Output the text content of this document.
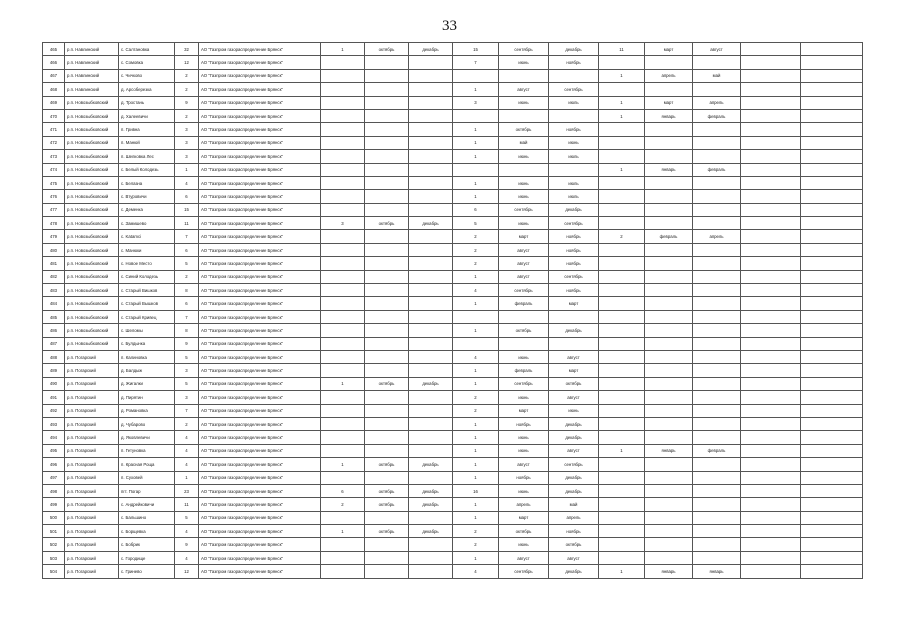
33
465	р.п. Навлинский	с. Салтановка	32	АО "Газпром газораспределение Брянск"	1	октябрь	декабрь	15	сентябрь	декабрь	11	март	август		
466	р.п. Навлинский	с. Сомовка	12	АО "Газпром газораспределение Брянск"				7	июнь	ноябрь					
467	р.п. Навлинский	с. Чичково	2	АО "Газпром газораспределение Брянск"							1	апрель	май		
468	р.п. Навлинский	д. Арсоберезка	2	АО "Газпром газораспределение Брянск"				1	август	сентябрь					
469	р.п. Новозыбковский	д. Тростань	9	АО "Газпром газораспределение Брянск"				3	июнь	июль	1	март	апрель		
470	р.п. Новозыбковский	д. Халеевичи	2	АО "Газпром газораспределение Брянск"							1	январь	февраль		
471	р.п. Новозыбковский	п. Гривна	3	АО "Газпром газораспределение Брянск"				1	октябрь	ноябрь					
472	р.п. Новозыбковский	п. Манюй	3	АО "Газпром газораспределение Брянск"				1	май	июнь					
473	р.п. Новозыбковский	п. Шелковка Лес	3	АО "Газпром газораспределение Брянск"				1	июнь	июль					
474	р.п. Новозыбковский	с. Белый Колодезь	1	АО "Газпром газораспределение Брянск"							1	январь	февраль		
475	р.п. Новозыбковский	с. Белазна	4	АО "Газпром газораспределение Брянск"				1	июнь	июль					
476	р.п. Новозыбковский	с. Втуровичи	6	АО "Газпром газораспределение Брянск"				1	июнь	июль					
477	р.п. Новозыбковский	с. Деменка	15	АО "Газпром газораспределение Брянск"				6	сентябрь	декабрь					
478	р.п. Новозыбковский	с. Замишево	11	АО "Газпром газораспределение Брянск"	3	октябрь	декабрь	5	июнь	сентябрь					
479	р.п. Новозыбковский	с. Katamci	7	АО "Газпром газораспределение Брянск"				2	март	ноябрь	2	февраль	апрель		
480	р.п. Новозыбковский	с. Манюки	6	АО "Газпром газораспределение Брянск"				2	август	ноябрь					
481	р.п. Новозыбковский	с. Новое Место	5	АО "Газпром газораспределение Брянск"				2	август	ноябрь					
482	р.п. Новозыбковский	с. Синий Колодезь	2	АО "Газпром газораспределение Брянск"				1	август	сентябрь					
483	р.п. Новозыбковский	с. Старый Вишков	8	АО "Газпром газораспределение Брянск"				4	сентябрь	ноябрь					
484	р.п. Новозыбковский	с. Старый Вышков	6	АО "Газпром газораспределение Брянск"				1	февраль	март					
485	р.п. Новозыбковский	с. Старый Кривец	7	АО "Газпром газораспределение Брянск"											
486	р.п. Новозыбковский	с. Шеломы	8	АО "Газпром газораспределение Брянск"				1	октябрь	декабрь					
487	р.п. Новозыбковский	с. Булдынка	9	АО "Газпром газораспределение Брянск"											
488	р.п. Погарский	п. Калиновка	5	АО "Газпром газораспределение Брянск"				4	июнь	август					
489	р.п. Погарский	д. Балдыж	3	АО "Газпром газораспределение Брянск"				1	февраль	март					
490	р.п. Погарский	д. Жигалки	5	АО "Газпром газораспределение Брянск"	1	октябрь	декабрь	1	сентябрь	октябрь					
491	р.п. Погарский	д. Пирятин	3	АО "Газпром газораспределение Брянск"				2	июнь	август					
492	р.п. Погарский	д. Романовка	7	АО "Газпром газораспределение Брянск"				2	март	июнь					
493	р.п. Погарский	д. Чубарово	2	АО "Газпром газораспределение Брянск"				1	ноябрь	декабрь					
494	р.п. Погарский	д. Яковлевичи	4	АО "Газпром газораспределение Брянск"				1	июнь	декабрь					
495	р.п. Погарский	п. Гетуновка	4	АО "Газпром газораспределение Брянск"				1	июнь	август	1	январь	февраль		
496	р.п. Погарский	п. Красная Роща	4	АО "Газпром газораспределение Брянск"	1	октябрь	декабрь	1	август	сентябрь					
497	р.п. Погарский	п. Суховей	1	АО "Газпром газораспределение Брянск"				1	ноябрь	декабрь					
498	р.п. Погарский	пгт. Погар	23	АО "Газпром газораспределение Брянск"	6	октябрь	декабрь	16	июнь	декабрь					
499	р.п. Погарский	с. Андрейковичи	11	АО "Газпром газораспределение Брянск"	2	октябрь	декабрь	1	апрель	май					
500	р.п. Погарский	с. Бальшино	5	АО "Газпром газораспределение Брянск"				1	март	апрель					
501	р.п. Погарский	с. Борщевка	4	АО "Газпром газораспределение Брянск"	1	октябрь	декабрь	2	октябрь	ноябрь					
502	р.п. Погарский	с. Бобрик	9	АО "Газпром газораспределение Брянск"				2	июнь	октябрь					
503	р.п. Погарский	с. Городище	4	АО "Газпром газораспределение Брянск"				1	август	август					
504	р.п. Погарский	с. Гринево	12	АО "Газпром газораспределение Брянск"				4	сентябрь	декабрь	1	январь	январь		
